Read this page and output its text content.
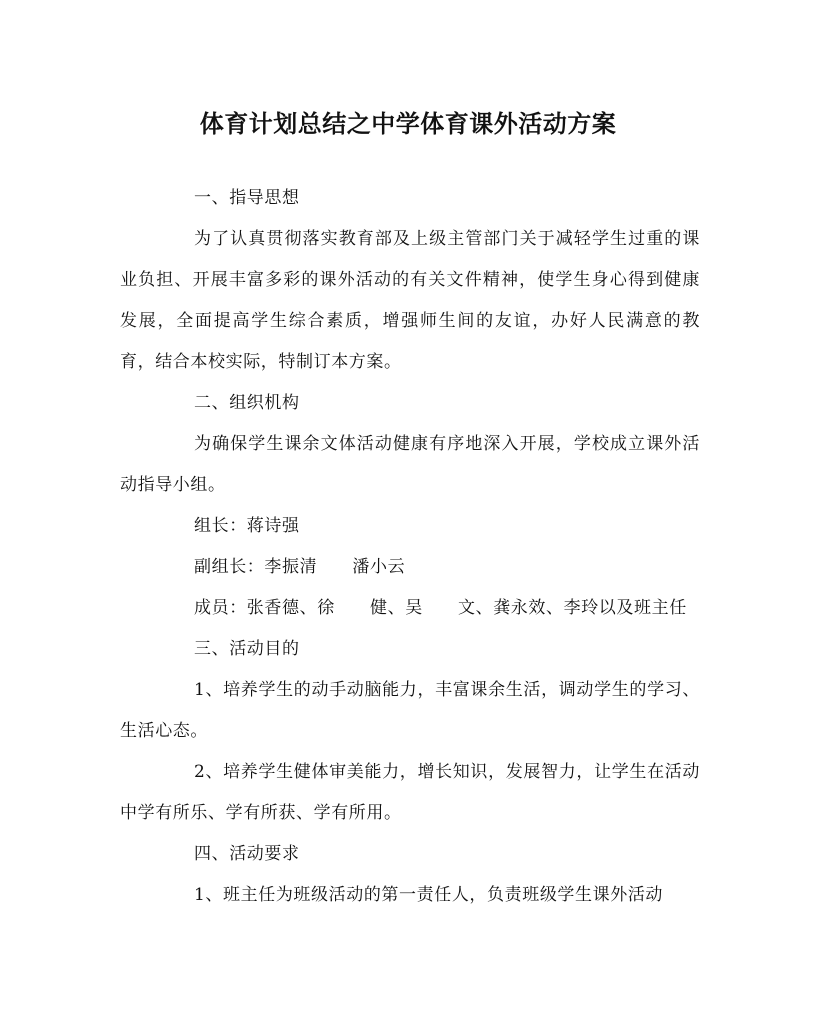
体育计划总结之中学体育课外活动方案

一、指导思想

为了认真贯彻落实教育部及上级主管部门关于减轻学生过重的课业负担、开展丰富多彩的课外活动的有关文件精神，使学生身心得到健康发展，全面提高学生综合素质，增强师生间的友谊，办好人民满意的教育，结合本校实际，特制订本方案。

二、组织机构

为确保学生课余文体活动健康有序地深入开展，学校成立课外活动指导小组。

组长：蒋诗强

副组长：李振清　　潘小云

成员：张香德、徐　　健、吴　　文、龚永效、李玲以及班主任

三、活动目的

1、培养学生的动手动脑能力，丰富课余生活，调动学生的学习、生活心态。

2、培养学生健体审美能力，增长知识，发展智力，让学生在活动中学有所乐、学有所获、学有所用。

四、活动要求

1、班主任为班级活动的第一责任人，负责班级学生课外活动
